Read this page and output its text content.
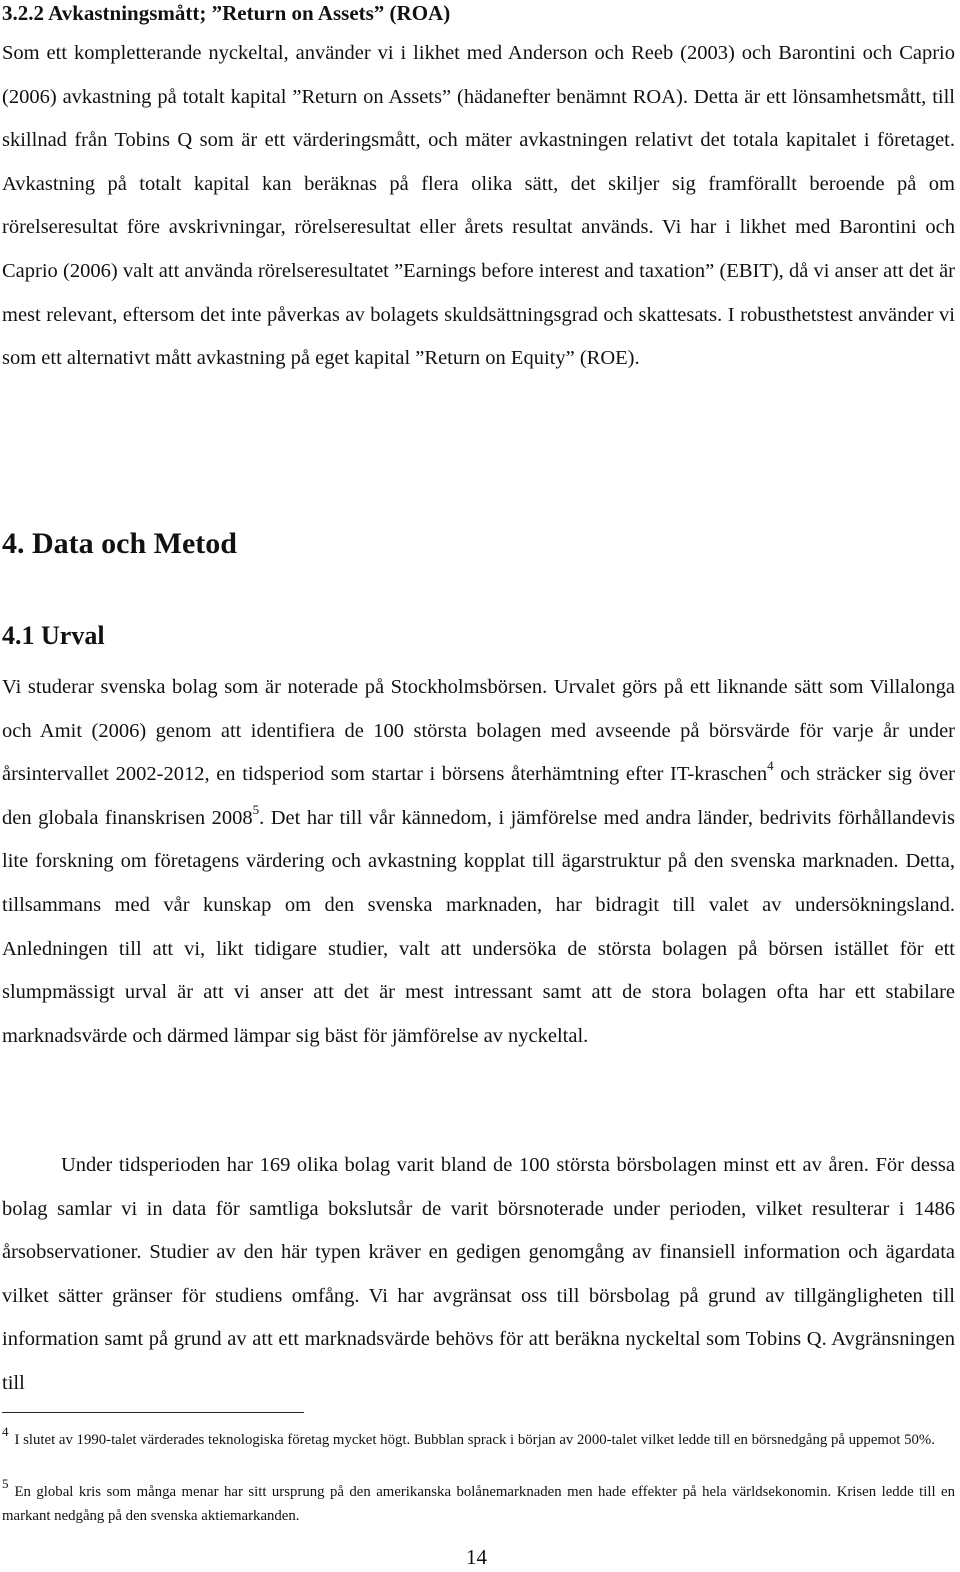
3.2.2 Avkastningsmått; ”Return on Assets” (ROA)

Som ett kompletterande nyckeltal, använder vi i likhet med Anderson och Reeb (2003) och Barontini och Caprio (2006) avkastning på totalt kapital ”Return on Assets” (hädanefter benämnt ROA). Detta är ett lönsamhetsmått, till skillnad från Tobins Q som är ett värderingsmått, och mäter avkastningen relativt det totala kapitalet i företaget. Avkastning på totalt kapital kan beräknas på flera olika sätt, det skiljer sig framförallt beroende på om rörelseresultat före avskrivningar, rörelseresultat eller årets resultat används. Vi har i likhet med Barontini och Caprio (2006) valt att använda rörelseresultatet ”Earnings before interest and taxation” (EBIT), då vi anser att det är mest relevant, eftersom det inte påverkas av bolagets skuldsättningsgrad och skattesats. I robusthetstest använder vi som ett alternativt mått avkastning på eget kapital ”Return on Equity” (ROE).

4. Data och Metod
4.1 Urval

Vi studerar svenska bolag som är noterade på Stockholmsbörsen. Urvalet görs på ett liknande sätt som Villalonga och Amit (2006) genom att identifiera de 100 största bolagen med avseende på börsvärde för varje år under årsintervallet 2002-2012, en tidsperiod som startar i börsens återhämtning efter IT-kraschen$^4$ och sträcker sig över den globala finanskrisen 2008$^5$. Det har till vår kännedom, i jämförelse med andra länder, bedrivits förhållandevis lite forskning om företagens värdering och avkastning kopplat till ägarstruktur på den svenska marknaden. Detta, tillsammans med vår kunskap om den svenska marknaden, har bidragit till valet av undersökningsland. Anledningen till att vi, likt tidigare studier, valt att undersöka de största bolagen på börsen istället för ett slumpmässigt urval är att vi anser att det är mest intressant samt att de stora bolagen ofta har ett stabilare marknadsvärde och därmed lämpar sig bäst för jämförelse av nyckeltal.

Under tidsperioden har 169 olika bolag varit bland de 100 största börsbolagen minst ett av åren. För dessa bolag samlar vi in data för samtliga bokslutsår de varit börsnoterade under perioden, vilket resulterar i 1486 årsobservationer. Studier av den här typen kräver en gedigen genomgång av finansiell information och ägardata vilket sätter gränser för studiens omfång. Vi har avgränsat oss till börsbolag på grund av tillgängligheten till information samt på grund av att ett marknadsvärde behövs för att beräkna nyckeltal som Tobins Q. Avgränsningen till

4I slutet av 1990-talet värderades teknologiska företag mycket högt. Bubblan sprack i början av 2000-talet vilket ledde till en börsnedgång på uppemot 50%.

5En global kris som många menar har sitt ursprung på den amerikanska bolånemarknaden men hade effekter på hela världsekonomin. Krisen ledde till en markant nedgång på den svenska aktiemarkanden.

14
